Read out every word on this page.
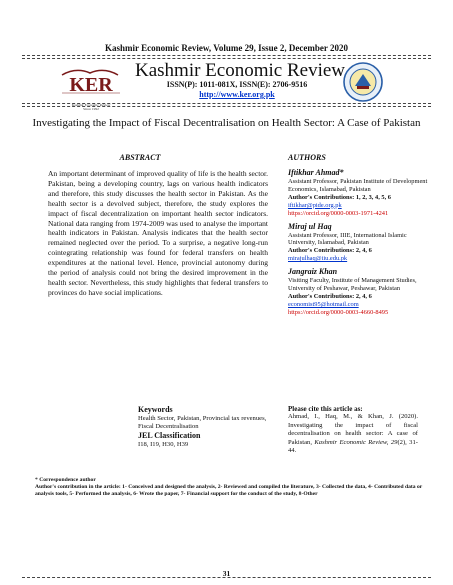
Kashmir Economic Review, Volume 29, Issue 2, December 2020
KER
Kashmir Economic Review
Since 1992
Kashmir Economic Review
ISSN(P): 1011-081X, ISSN(E): 2706-9516
http://www.ker.org.pk
Investigating the Impact of Fiscal Decentralisation on Health Sector: A Case of Pakistan
ABSTRACT	AUTHORS
An important determinant of improved quality of life is the health sector. Pakistan, being a developing country, lags on various health indicators and therefore, this study discusses the health sector in Pakistan. As the health sector is a devolved subject, therefore, the study explores the impact of fiscal decentralization on important health sector indicators. National data ranging from 1974-2009 was used to analyse the important health indicators in Pakistan. Analysis indicates that the health sector remained neglected over the period. To a surprise, a negative long-run cointegrating relationship was found for federal transfers on health expenditures at the national level. Hence, provincial autonomy during the period of analysis could not bring the desired improvement in the health sector. Nevertheless, this study highlights that federal transfers to provinces do have social implications.
Iftikhar Ahmad*
Assistant Professor, Pakistan Institute of Development Economics, Islamabad, Pakistan
Author's Contributions: 1, 2, 3, 4, 5, 6
iftikhar@pide.org.pk
https://orcid.org/0000-0003-1971-4241
Miraj ul Haq
Assistant Professor, IIIE, International Islamic University, Islamabad, Pakistan
Author's Contributions: 2, 4, 6
mirajulhaq@iiu.edu.pk
Jangraiz Khan
Visiting Faculty, Institute of Management Studies, University of Peshawar, Peshawar, Pakistan
Author's Contributions: 2, 4, 6
economist95@hotmail.com
https://orcid.org/0000-0003-4660-8495
Keywords
Health Sector, Pakistan, Provincial tax revenues, Fiscal Decentralisation
JEL Classification
I18, I19, H30, H39
Please cite this article as:
Ahmad, I., Haq, M., & Khan, J. (2020). Investigating the impact of fiscal decentralisation on health sector: A case of Pakistan, Kashmir Economic Review, 29(2), 31-44.
* Correspondence author
Author's contribution in the article: 1- Conceived and designed the analysis, 2- Reviewed and compiled the literature, 3- Collected the data, 4- Contributed data or analysis tools, 5- Performed the analysis, 6- Wrote the paper, 7- Financial support for the conduct of the study, 8-Other
31
